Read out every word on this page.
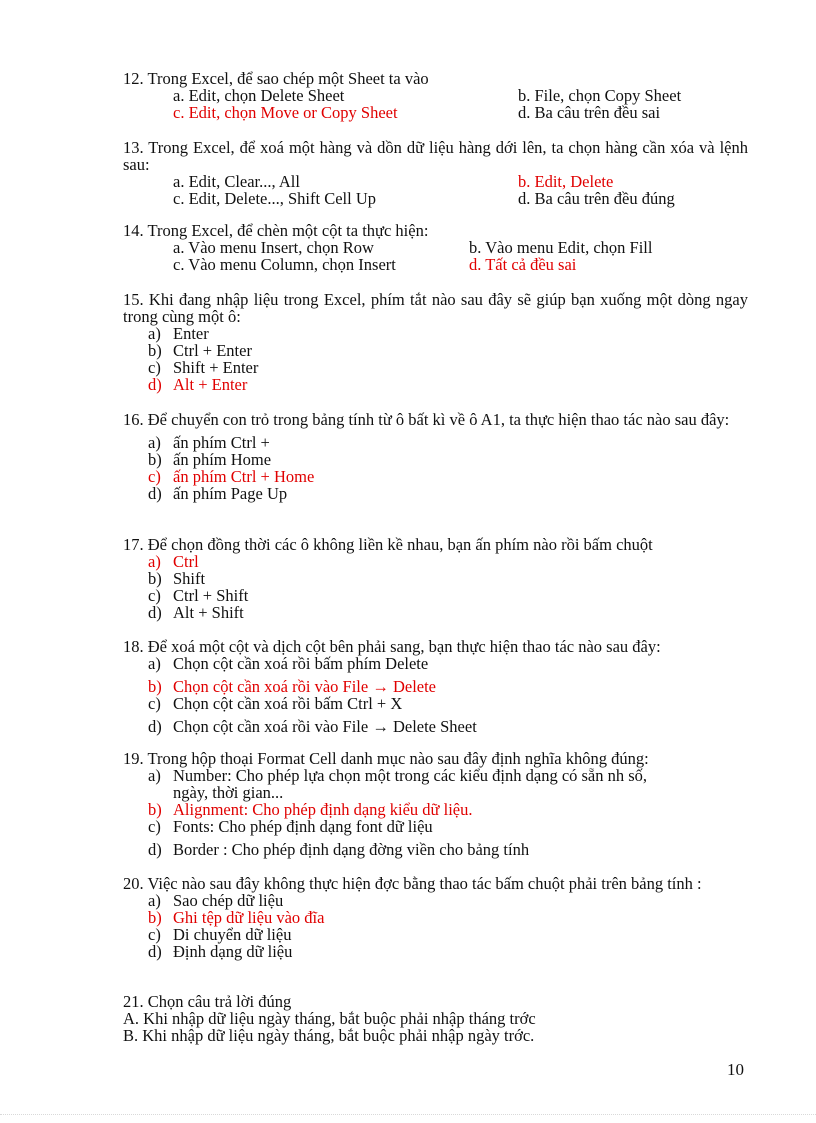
12. Trong Excel, để sao chép một Sheet ta vào
a. Edit, chọn Delete Sheet	b. File, chọn Copy Sheet
c. Edit, chọn Move or Copy Sheet	d. Ba câu trên đều sai
13. Trong Excel, để xoá một hàng và dồn dữ liệu hàng dới lên, ta chọn hàng cần xóa và lệnh sau:
a. Edit, Clear..., All	b. Edit, Delete
c. Edit, Delete..., Shift Cell Up	d. Ba câu trên đều đúng
14. Trong Excel, để chèn một cột ta thực hiện:
a. Vào menu Insert, chọn Row	b. Vào menu Edit, chọn Fill
c. Vào menu Column, chọn Insert	d. Tất cả đều sai
15. Khi đang nhập liệu trong Excel, phím tắt nào sau đây sẽ giúp bạn xuống một dòng ngay trong cùng một ô:
a) Enter
b) Ctrl + Enter
c) Shift + Enter
d) Alt + Enter
16. Để chuyển con trỏ trong bảng tính từ ô bất kì về ô A1, ta thực hiện thao tác nào sau đây:
a) ấn phím Ctrl +
b) ấn phím Home
c) ấn phím Ctrl + Home
d) ấn phím Page Up
17. Để chọn đồng thời các ô không liền kề nhau, bạn ấn phím nào rồi bấm chuột
a) Ctrl
b) Shift
c) Ctrl + Shift
d) Alt + Shift
18. Để xoá một cột và dịch cột bên phải sang, bạn thực hiện thao tác nào sau đây:
a) Chọn cột cần xoá rồi bấm phím Delete
b) Chọn cột cần xoá rồi vào File → Delete
c) Chọn cột cần xoá rồi bấm Ctrl + X
d) Chọn cột cần xoá rồi vào File → Delete Sheet
19. Trong hộp thoại Format Cell danh mục nào sau đây định nghĩa không đúng:
a) Number: Cho phép lựa chọn một trong các kiểu định dạng có sẵn nh số,
ngày, thời gian...
b) Alignment: Cho phép định dạng kiểu dữ liệu.
c) Fonts: Cho phép định dạng font dữ liệu
d) Border : Cho phép định dạng đờng viền cho bảng tính
20. Việc nào sau đây không thực hiện đợc bằng thao tác bấm chuột phải trên bảng tính :
a) Sao chép dữ liệu
b) Ghi tệp dữ liệu vào đĩa
c) Di chuyển dữ liệu
d) Định dạng dữ liệu
21. Chọn câu trả lời đúng
A. Khi nhập dữ liệu ngày tháng, bắt buộc phải nhập tháng trớc
B. Khi nhập dữ liệu ngày tháng, bắt buộc phải nhập ngày trớc.
10
